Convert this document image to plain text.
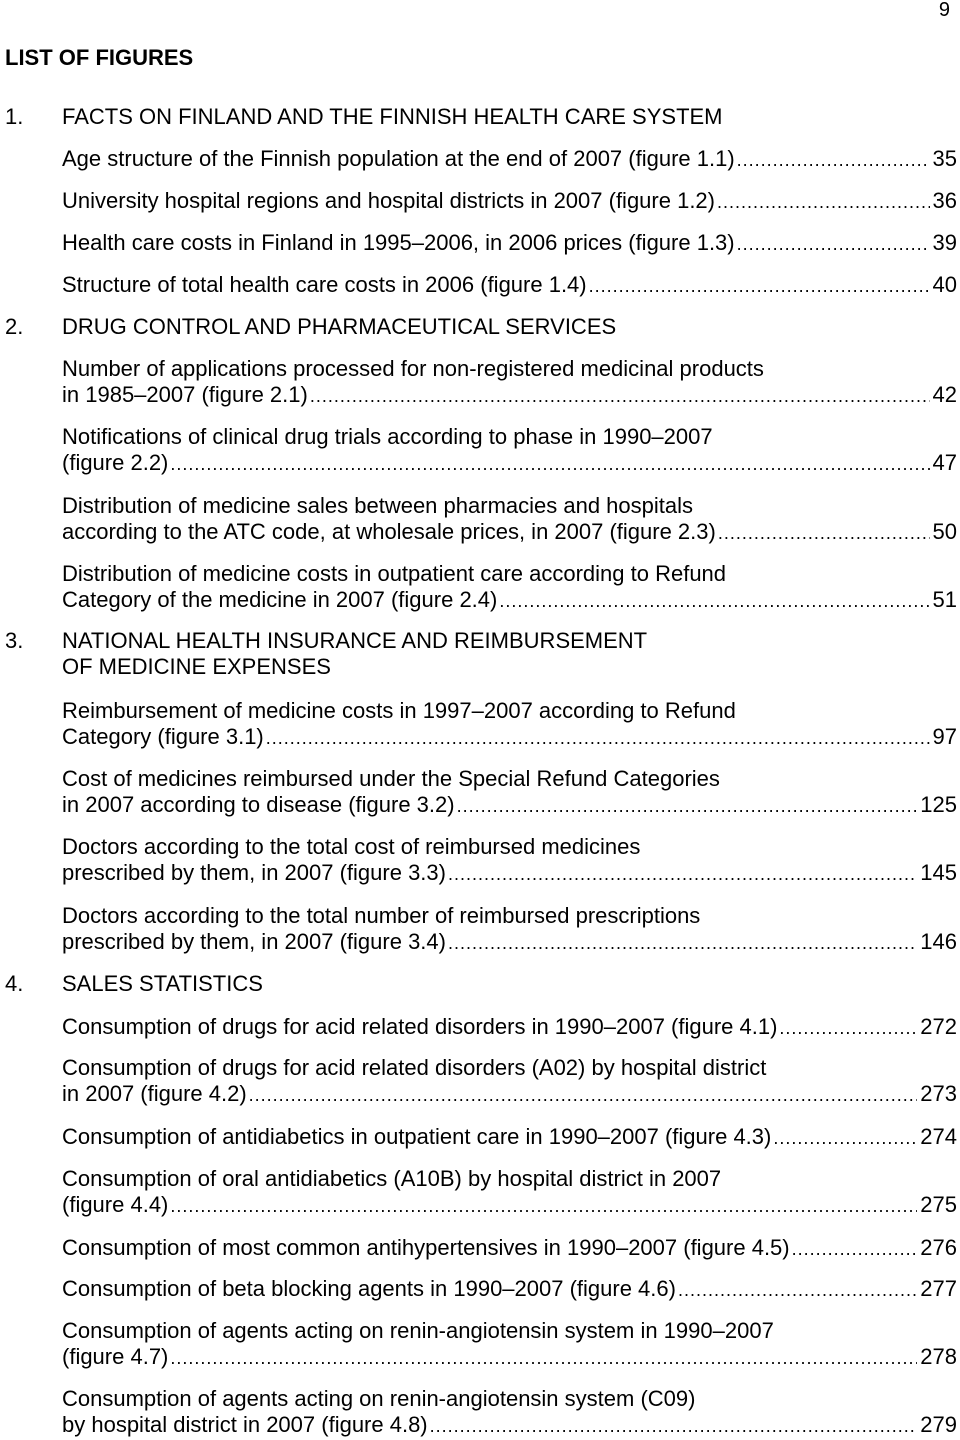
9
LIST OF FIGURES
1.	FACTS ON FINLAND AND THE FINNISH HEALTH CARE SYSTEM
Age structure of the Finnish population at the end of 2007 (figure 1.1) .....	35
University hospital regions and hospital districts in 2007 (figure 1.2) .....	36
Health care costs in Finland in 1995–2006, in 2006 prices (figure 1.3) .....	39
Structure of total health care costs in 2006 (figure 1.4) .....	40
2.	DRUG CONTROL AND PHARMACEUTICAL SERVICES
Number of applications processed for non-registered medicinal products
in 1985–2007 (figure 2.1) .....	42
Notifications of clinical drug trials according to phase in 1990–2007
(figure 2.2) .....	47
Distribution of medicine sales between pharmacies and hospitals
according to the ATC code, at wholesale prices, in 2007 (figure 2.3) .....	50
Distribution of medicine costs in outpatient care according to Refund
Category of the medicine in 2007 (figure 2.4) .....	51
3.	NATIONAL HEALTH INSURANCE AND REIMBURSEMENT
OF MEDICINE EXPENSES
Reimbursement of medicine costs in 1997–2007 according to Refund
Category (figure 3.1) .....	97
Cost of medicines reimbursed under the Special Refund Categories
in 2007 according to disease (figure 3.2) .....	125
Doctors according to the total cost of reimbursed medicines
prescribed by them, in 2007 (figure 3.3) .....	145
Doctors according to the total number of reimbursed prescriptions
prescribed by them, in 2007 (figure 3.4) .....	146
4.	SALES STATISTICS
Consumption of drugs for acid related disorders in 1990–2007 (figure 4.1) .....	272
Consumption of drugs for acid related disorders (A02) by hospital district
in 2007 (figure 4.2) .....	273
Consumption of antidiabetics in outpatient care in 1990–2007 (figure 4.3) .....	274
Consumption of oral antidiabetics (A10B) by hospital district in 2007
(figure 4.4) .....	275
Consumption of most common antihypertensives in 1990–2007 (figure 4.5) .....	276
Consumption of beta blocking agents in 1990–2007 (figure 4.6) .....	277
Consumption of agents acting on renin-angiotensin system in 1990–2007
(figure 4.7) .....	278
Consumption of agents acting on renin-angiotensin system (C09)
by hospital district in 2007 (figure 4.8) .....	279
